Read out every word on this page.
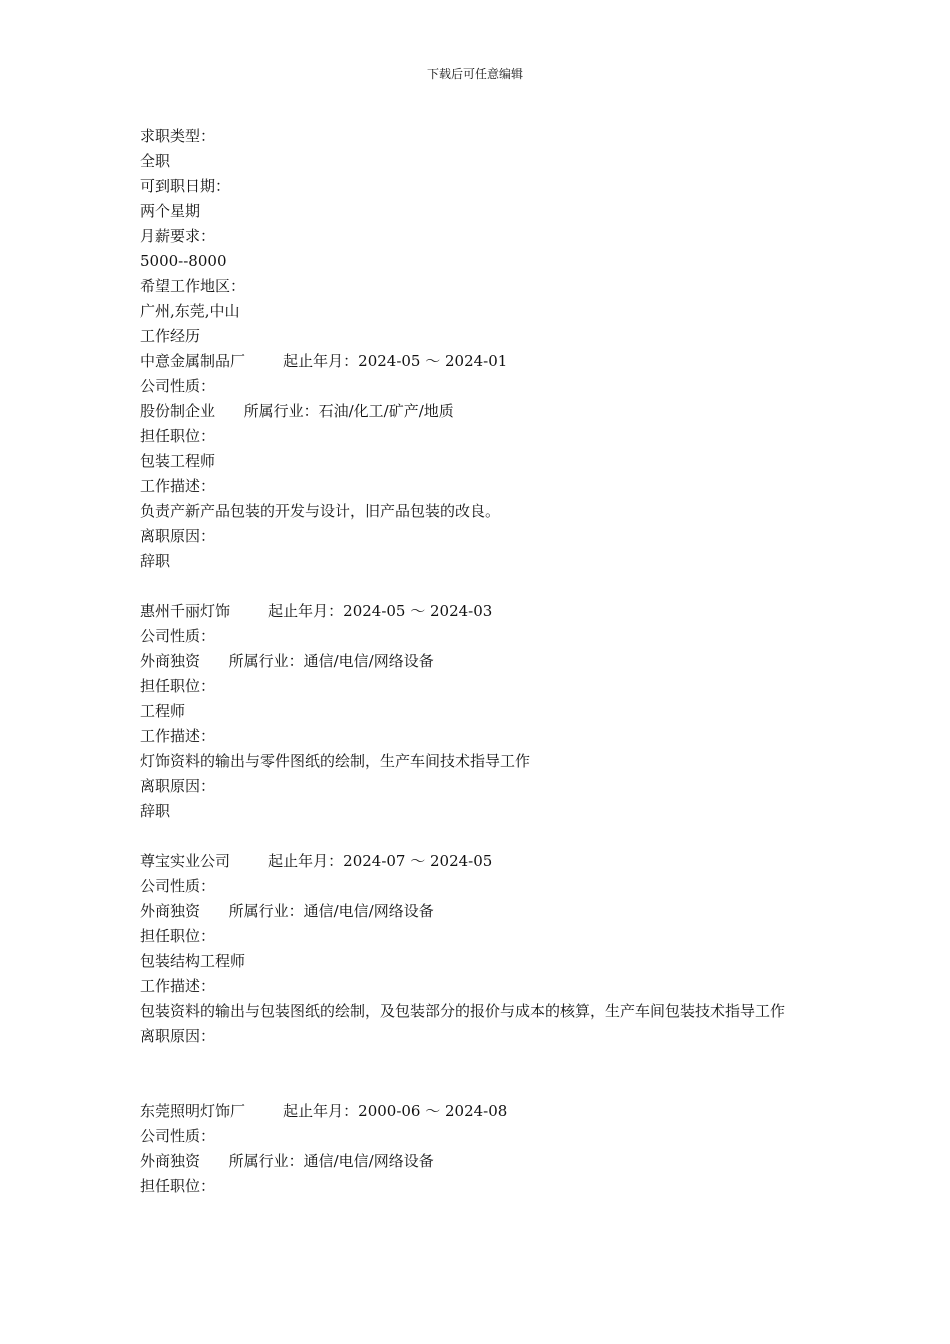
下载后可任意编辑

求职类型：

全职

可到职日期：

两个星期

月薪要求：

5000--8000

希望工作地区：

广州,东莞,中山

工作经历

中意金属制品厂        起止年月：2024-05 ～ 2024-01

公司性质：

股份制企业      所属行业：石油/化工/矿产/地质

担任职位：

包装工程师

工作描述：

负责产新产品包装的开发与设计，旧产品包装的改良。

离职原因：

辞职

惠州千丽灯饰        起止年月：2024-05 ～ 2024-03

公司性质：

外商独资      所属行业：通信/电信/网络设备

担任职位：

工程师

工作描述：

灯饰资料的输出与零件图纸的绘制，生产车间技术指导工作

离职原因：

辞职

尊宝实业公司        起止年月：2024-07 ～ 2024-05

公司性质：

外商独资      所属行业：通信/电信/网络设备

担任职位：

包装结构工程师

工作描述：

包装资料的输出与包装图纸的绘制，及包装部分的报价与成本的核算，生产车间包装技术指导工作

离职原因：

东莞照明灯饰厂        起止年月：2000-06 ～ 2024-08

公司性质：

外商独资      所属行业：通信/电信/网络设备

担任职位：
